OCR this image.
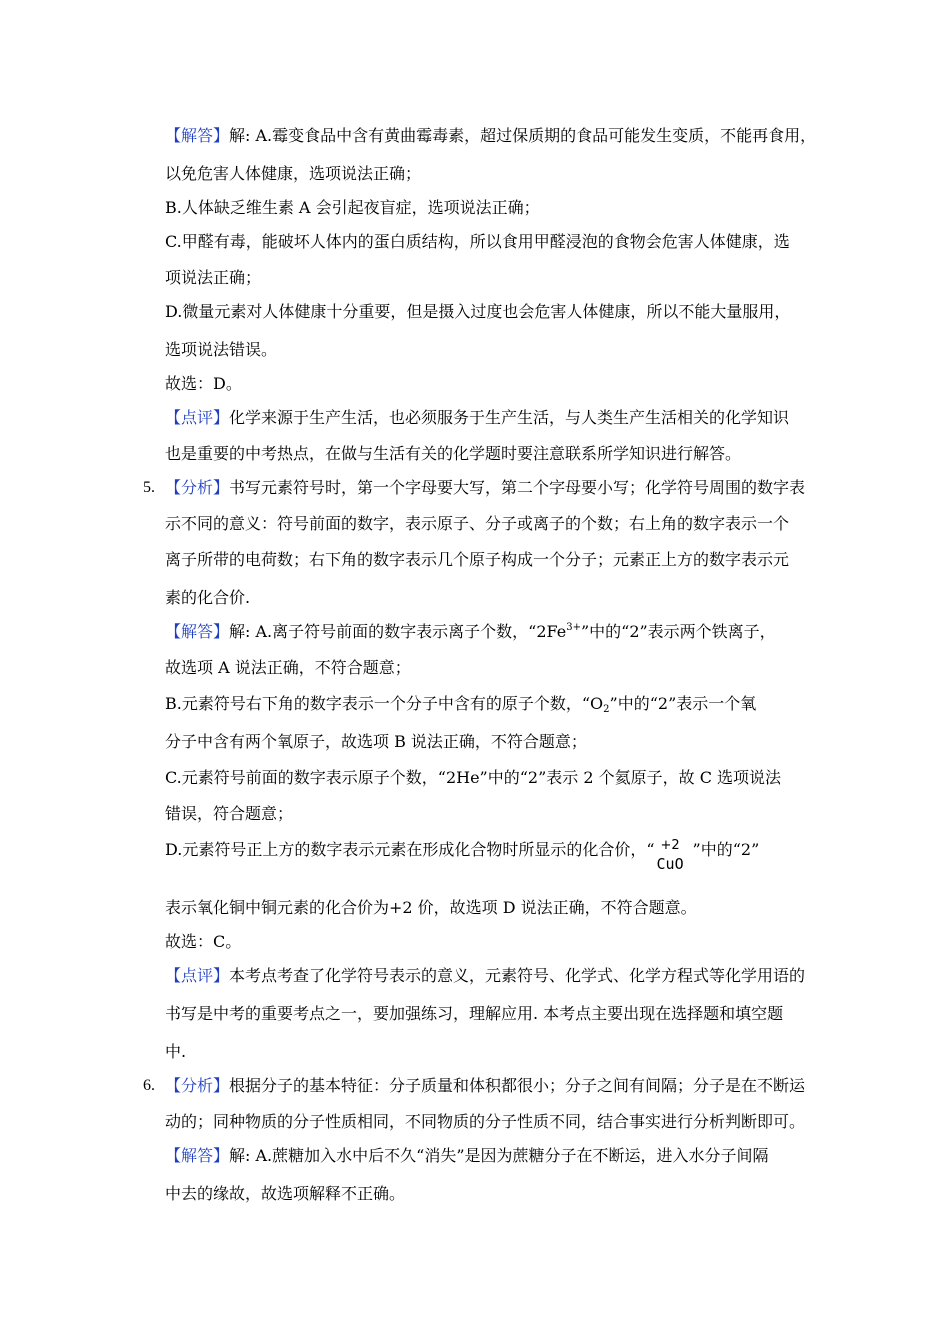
【解答】解: A.霉变食品中含有黄曲霉毒素，超过保质期的食品可能发生变质，不能再食用，
以免危害人体健康，选项说法正确；
B.人体缺乏维生素 A 会引起夜盲症，选项说法正确；
C.甲醛有毒，能破坏人体内的蛋白质结构，所以食用甲醛浸泡的食物会危害人体健康，选
项说法正确；
D.微量元素对人体健康十分重要，但是摄入过度也会危害人体健康，所以不能大量服用，
选项说法错误。
故选：D。
【点评】化学来源于生产生活，也必须服务于生产生活，与人类生产生活相关的化学知识
也是重要的中考热点，在做与生活有关的化学题时要注意联系所学知识进行解答。
5. 【分析】书写元素符号时，第一个字母要大写，第二个字母要小写；化学符号周围的数字表
示不同的意义：符号前面的数字，表示原子、分子或离子的个数；右上角的数字表示一个
离子所带的电荷数；右下角的数字表示几个原子构成一个分子；元素正上方的数字表示元
素的化合价.
【解答】解: A.离子符号前面的数字表示离子个数，“$2Fe^{3+}$”中的“2”表示两个铁离子，
故选项 A 说法正确，不符合题意；
B.元素符号右下角的数字表示一个分子中含有的原子个数，“$O_2$”中的“2”表示一个氧
分子中含有两个氧原子，故选项 B 说法正确，不符合题意；
C.元素符号前面的数字表示原子个数，“2He”中的“2”表示 2 个氦原子，故 C 选项说法
错误，符合题意；
D.元素符号正上方的数字表示元素在形成化合物时所显示的化合价，“ +2
CuO
”中的“2”
表示氧化铜中铜元素的化合价为+2 价，故选项 D 说法正确，不符合题意。
故选：C。
【点评】本考点考查了化学符号表示的意义，元素符号、化学式、化学方程式等化学用语的
书写是中考的重要考点之一，要加强练习，理解应用. 本考点主要出现在选择题和填空题
中.
6. 【分析】根据分子的基本特征：分子质量和体积都很小；分子之间有间隔；分子是在不断运
动的；同种物质的分子性质相同，不同物质的分子性质不同，结合事实进行分析判断即可。
【解答】解: A.蔗糖加入水中后不久“消失”是因为蔗糖分子在不断运，进入水分子间隔
中去的缘故，故选项解释不正确。
